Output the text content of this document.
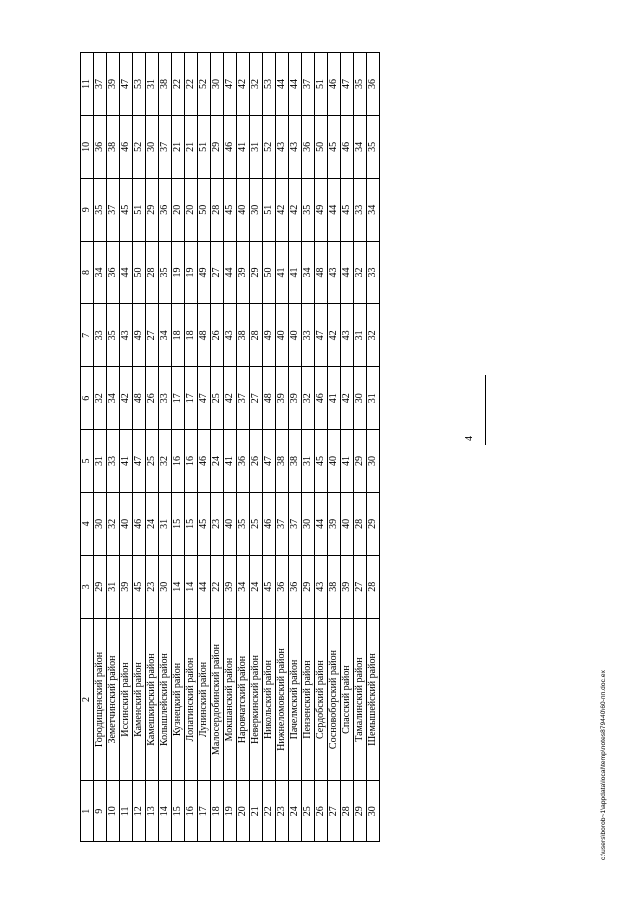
1	2	3	4	5	6	7	8	9	10	11
9	Городищенский район	29	30	31	32	33	34	35	36	37
10	Земетчинский район	31	32	33	34	35	36	37	38	39
11	Иссинский район	39	40	41	42	43	44	45	46	47
12	Каменский район	45	46	47	48	49	50	51	52	53
13	Камешкирский район	23	24	25	26	27	28	29	30	31
14	Колышлейский район	30	31	32	33	34	35	36	37	38
15	Кузнецкий район	14	15	16	17	18	19	20	21	22
16	Лопатинский район	14	15	16	17	18	19	20	21	22
17	Лунинский район	44	45	46	47	48	49	50	51	52
18	Малосердобинский район	22	23	24	25	26	27	28	29	30
19	Мокшанский район	39	40	41	42	43	44	45	46	47
20	Наровчатский район	34	35	36	37	38	39	40	41	42
21	Неверкинский район	24	25	26	27	28	29	30	31	32
22	Никольский район	45	46	47	48	49	50	51	52	53
23	Нижнеломовский район	36	37	38	39	40	41	42	43	44
24	Пачелмский район	36	37	38	39	40	41	42	43	44
25	Пензенский район	29	30	31	32	33	34	35	36	37
26	Сердобский район	43	44	45	46	47	48	49	50	51
27	Сосновоборский район	38	39	40	41	42	43	44	45	46
28	Спасский район	39	40	41	42	43	44	45	46	47
29	Тамалинский район	27	28	29	30	31	32	33	34	35
30	Шемышейский район	28	29	30	31	32	33	34	35	36
4
c:\users\borob~1\appdata\local\temp\notes879440\60-пп.doc.ex
